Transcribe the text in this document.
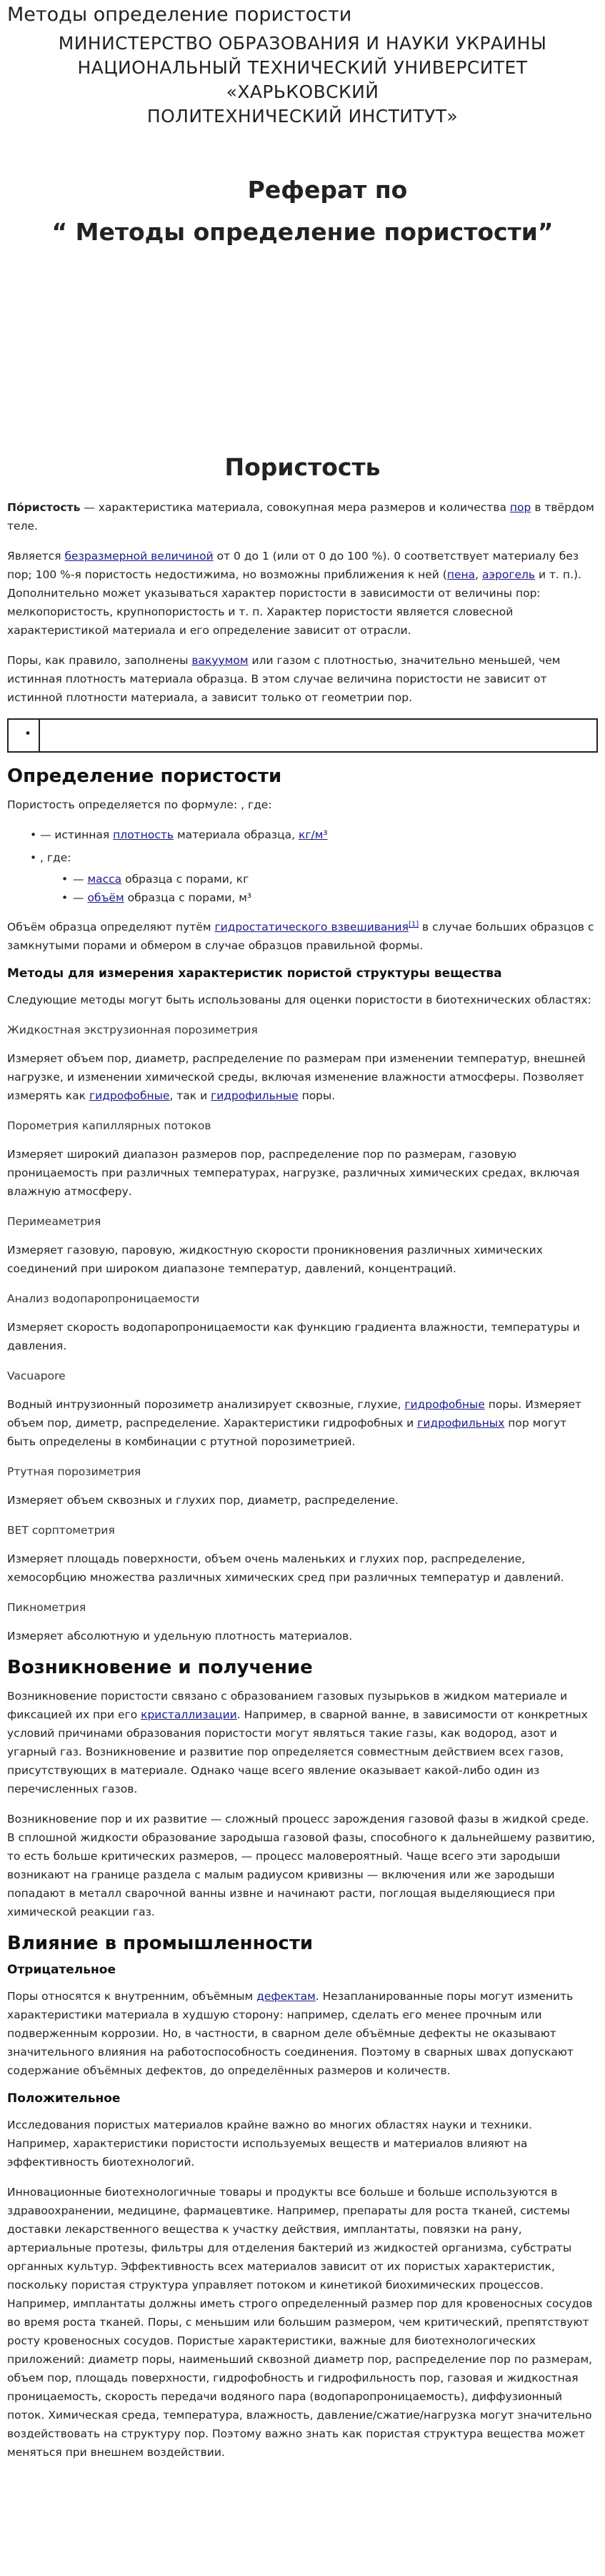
Методы определение пористости
МИНИСТЕРСТВО ОБРАЗОВАНИЯ И НАУКИ УКРАИНЫ
НАЦИОНАЛЬНЫЙ ТЕХНИЧЕСКИЙ УНИВЕРСИТЕТ «ХАРЬКОВСКИЙ
ПОЛИТЕХНИЧЕСКИЙ ИНСТИТУТ»
Реферат по
“ Методы определение пористости”
Пористость

По́ристость — характеристика материала, совокупная мера размеров и количества пор в твёрдом теле.

Является безразмерной величиной от 0 до 1 (или от 0 до 100 %). 0 соответствует материалу без пор; 100 %-я пористость недостижима, но возможны приближения к ней (пена, аэрогель и т. п.). Дополнительно может указываться характер пористости в зависимости от величины пор: мелкопористость, крупнопористость и т. п. Характер пористости является словесной характеристикой материала и его определение зависит от отрасли.

Поры, как правило, заполнены вакуумом или газом с плотностью, значительно меньшей, чем истинная плотность материала образца. В этом случае величина пористости не зависит от истинной плотности материала, а зависит только от геометрии пор.

•
Определение пористости

Пористость определяется по формуле: , где:

• — истинная плотность материала образца, кг/м³
• , где:
• — масса образца с порами, кг
• — объём образца с порами, м³

Объём образца определяют путём гидростатического взвешивания[1] в случае больших образцов с замкнутыми порами и обмером в случае образцов правильной формы.

Методы для измерения характеристик пористой структуры вещества

Следующие методы могут быть использованы для оценки пористости в биотехнических областях:

Жидкостная экструзионная порозиметрия

Измеряет объем пор, диаметр, распределение по размерам при изменении температур, внешней нагрузке, и изменении химической среды, включая изменение влажности атмосферы. Позволяет измерять как гидрофобные, так и гидрофильные поры.

Порометрия капиллярных потоков

Измеряет широкий диапазон размеров пор, распределение пор по размерам, газовую проницаемость при различных температурах, нагрузке, различных химических средах, включая влажную атмосферу.

Перимеаметрия

Измеряет газовую, паровую, жидкостную скорости проникновения различных химических соединений при широком диапазоне температур, давлений, концентраций.

Анализ водопаропроницаемости

Измеряет скорость водопаропроницаемости как функцию градиента влажности, температуры и давления.

Vacuapore

Водный интрузионный порозиметр анализирует сквозные, глухие, гидрофобные поры. Измеряет объем пор, диметр, распределение. Характеристики гидрофобных и гидрофильных пор могут быть определены в комбинации с ртутной порозиметрией.

Ртутная порозиметрия

Измеряет объем сквозных и глухих пор, диаметр, распределение.

BET сорптометрия

Измеряет площадь поверхности, объем очень маленьких и глухих пор, распределение, хемосорбцию множества различных химических сред при различных температур и давлений.

Пикнометрия

Измеряет абсолютную и удельную плотность материалов.

Возникновение и получение

Возникновение пористости связано с образованием газовых пузырьков в жидком материале и фиксацией их при его кристаллизации. Например, в сварной ванне, в зависимости от конкретных условий причинами образования пористости могут являться такие газы, как водород, азот и угарный газ. Возникновение и развитие пор определяется совместным действием всех газов, присутствующих в материале. Однако чаще всего явление оказывает какой-либо один из перечисленных газов.

Возникновение пор и их развитие — сложный процесс зарождения газовой фазы в жидкой среде. В сплошной жидкости образование зародыша газовой фазы, способного к дальнейшему развитию, то есть больше критических размеров, — процесс маловероятный. Чаще всего эти зародыши возникают на границе раздела с малым радиусом кривизны — включения или же зародыши попадают в металл сварочной ванны извне и начинают расти, поглощая выделяющиеся при химической реакции газ.

Влияние в промышленности
Отрицательное

Поры относятся к внутренним, объёмным дефектам. Незапланированные поры могут изменить характеристики материала в худшую сторону: например, сделать его менее прочным или подверженным коррозии. Но, в частности, в сварном деле объёмные дефекты не оказывают значительного влияния на работоспособность соединения. Поэтому в сварных швах допускают содержание объёмных дефектов, до определённых размеров и количеств.

Положительное

Исследования пористых материалов крайне важно во многих областях науки и техники. Например, характеристики пористости используемых веществ и материалов влияют на эффективность биотехнологий.

Инновационные биотехнологичные товары и продукты все больше и больше используются в здравоохранении, медицине, фармацевтике. Например, препараты для роста тканей, системы доставки лекарственного вещества к участку действия, имплантаты, повязки на рану, артериальные протезы, фильтры для отделения бактерий из жидкостей организма, субстраты органных культур. Эффективность всех материалов зависит от их пористых характеристик, поскольку пористая структура управляет потоком и кинетикой биохимических процессов. Например, имплантаты должны иметь строго определенный размер пор для кровеносных сосудов во время роста тканей. Поры, с меньшим или большим размером, чем критический, препятствуют росту кровеносных сосудов. Пористые характеристики, важные для биотехнологических приложений: диаметр поры, наименьший сквозной диаметр пор, распределение пор по размерам, объем пор, площадь поверхности, гидрофобность и гидрофильность пор, газовая и жидкостная проницаемость, скорость передачи водяного пара (водопаропроницаемость), диффузионный поток. Химическая среда, температура, влажность, давление/сжатие/нагрузка могут значительно воздействовать на структуру пор. Поэтому важно знать как пористая структура вещества может меняться при внешнем воздействии.
